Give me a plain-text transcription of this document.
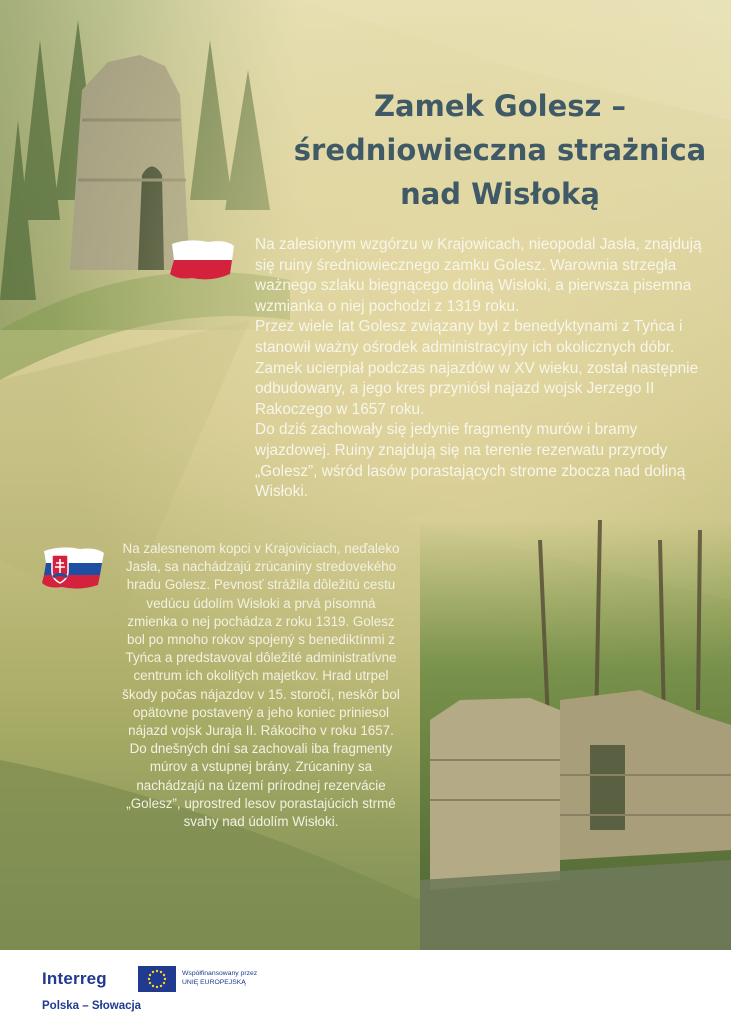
Zamek Golesz –
średniowieczna strażnica
nad Wisłoką

Na zalesionym wzgórzu w Krajowicach, nieopodal Jasła, znajdują się ruiny średniowiecznego zamku Golesz. Warownia strzegła ważnego szlaku biegnącego doliną Wisłoki, a pierwsza pisemna wzmianka o niej pochodzi z 1319 roku.

Przez wiele lat Golesz związany był z benedyktynami z Tyńca i stanowił ważny ośrodek administracyjny ich okolicznych dóbr. Zamek ucierpiał podczas najazdów w XV wieku, został następnie odbudowany, a jego kres przyniósł najazd wojsk Jerzego II Rakoczego w 1657 roku.

Do dziś zachowały się jedynie fragmenty murów i bramy wjazdowej. Ruiny znajdują się na terenie rezerwatu przyrody „Golesz”, wśród lasów porastających strome zbocza nad doliną Wisłoki.

Na zalesnenom kopci v Krajoviciach, neďaleko Jasła, sa nachádzajú zrúcaniny stredovekého hradu Golesz. Pevnosť strážila dôležitú cestu vedúcu údolím Wisłoki a prvá písomná zmienka o nej pochádza z roku 1319. Golesz bol po mnoho rokov spojený s benediktínmi z Tyńca a predstavoval dôležité administratívne centrum ich okolitých majetkov. Hrad utrpel škody počas nájazdov v 15. storočí, neskôr bol opätovne postavený a jeho koniec priniesol nájazd vojsk Juraja II. Rákociho v roku 1657. Do dnešných dní sa zachovali iba fragmenty múrov a vstupnej brány. Zrúcaniny sa nachádzajú na území prírodnej rezervácie „Golesz”, uprostred lesov porastajúcich strmé svahy nad údolím Wisłoki.
Interreg
Polska – Słowacja
Współfinansowany przez
UNIĘ EUROPEJSKĄ
